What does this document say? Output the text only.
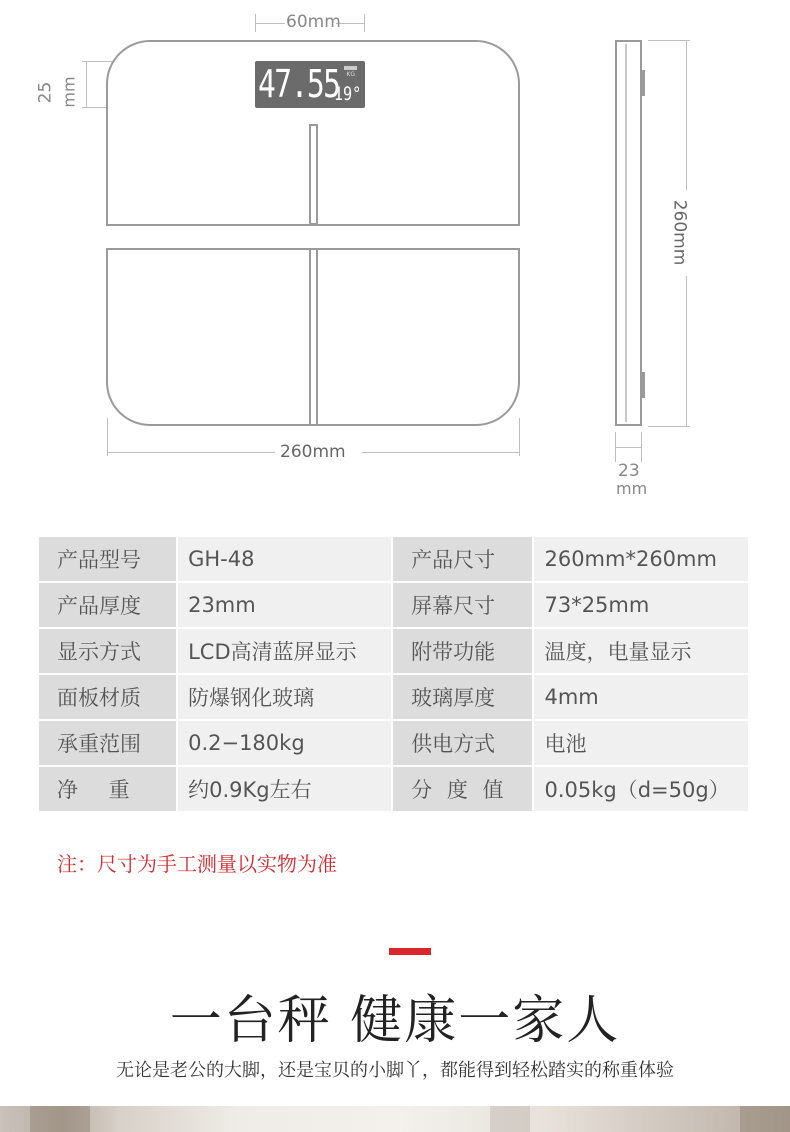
60mm
25 mm	47.55 KG
19°
260mm
260mm
23
mm
产品型号	GH-48	产品尺寸	260mm*260mm
产品厚度	23mm	屏幕尺寸	73*25mm
显示方式	LCD高清蓝屏显示	附带功能	温度，电量显示
面板材质	防爆钢化玻璃	玻璃厚度	4mm
承重范围	0.2−180kg	供电方式	电池
净 重	约0.9Kg左右	分 度 值	0.05kg（d=50g）
注：尺寸为手工测量以实物为准
一台秤 健康一家人
无论是老公的大脚，还是宝贝的小脚丫，都能得到轻松踏实的称重体验
